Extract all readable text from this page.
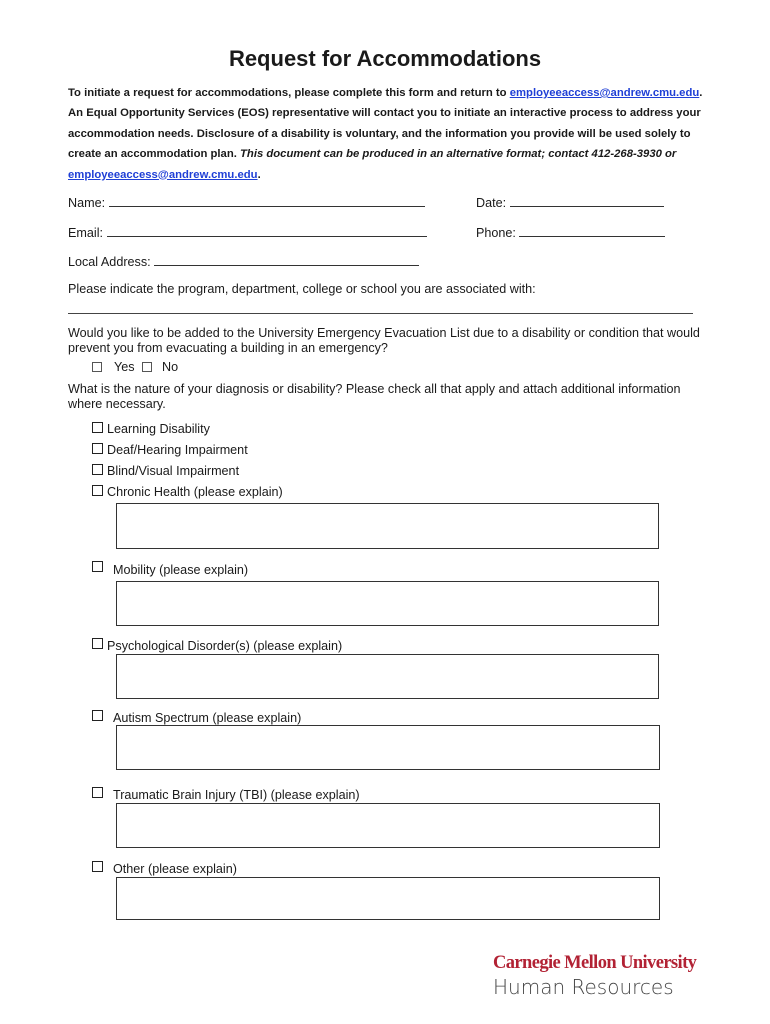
Request for Accommodations
To initiate a request for accommodations, please complete this form and return to employeeaccess@andrew.cmu.edu. An Equal Opportunity Services (EOS) representative will contact you to initiate an interactive process to address your accommodation needs. Disclosure of a disability is voluntary, and the information you provide will be used solely to create an accommodation plan. This document can be produced in an alternative format; contact 412-268-3930 or employeeaccess@andrew.cmu.edu.
Name:	Date:
Email:	Phone:
Local Address:
Please indicate the program, department, college or school you are associated with:
Would you like to be added to the University Emergency Evacuation List due to a disability or condition that would prevent you from evacuating a building in an emergency?
Yes No
What is the nature of your diagnosis or disability? Please check all that apply and attach additional information where necessary.
Learning Disability
Deaf/Hearing Impairment
Blind/Visual Impairment
Chronic Health (please explain)
Mobility (please explain)
Psychological Disorder(s) (please explain)
Autism Spectrum (please explain)
Traumatic Brain Injury (TBI) (please explain)
Other (please explain)
Carnegie Mellon University
Human Resources
